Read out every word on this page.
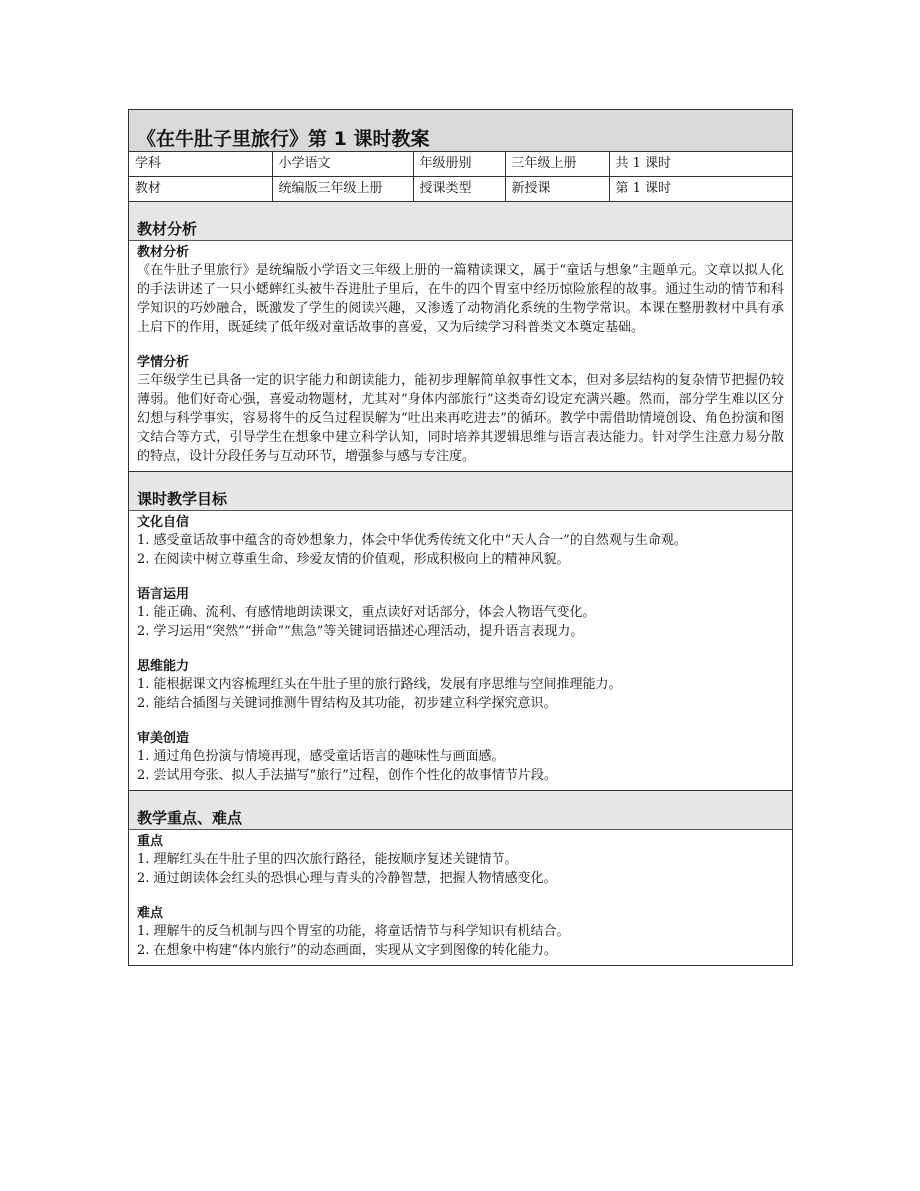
《在牛肚子里旅行》第 1 课时教案
学科	小学语文	年级册别	三年级上册	共 1 课时
教材	统编版三年级上册	授课类型	新授课	第 1 课时
教材分析
教材分析
《在牛肚子里旅行》是统编版小学语文三年级上册的一篇精读课文，属于“童话与想象”主题单元。文章以拟人化的手法讲述了一只小蟋蟀红头被牛吞进肚子里后，在牛的四个胃室中经历惊险旅程的故事。通过生动的情节和科学知识的巧妙融合，既激发了学生的阅读兴趣，又渗透了动物消化系统的生物学常识。本课在整册教材中具有承上启下的作用，既延续了低年级对童话故事的喜爱，又为后续学习科普类文本奠定基础。
学情分析
三年级学生已具备一定的识字能力和朗读能力，能初步理解简单叙事性文本，但对多层结构的复杂情节把握仍较薄弱。他们好奇心强，喜爱动物题材，尤其对“身体内部旅行”这类奇幻设定充满兴趣。然而，部分学生难以区分幻想与科学事实，容易将牛的反刍过程误解为“吐出来再吃进去”的循环。教学中需借助情境创设、角色扮演和图文结合等方式，引导学生在想象中建立科学认知，同时培养其逻辑思维与语言表达能力。针对学生注意力易分散的特点，设计分段任务与互动环节，增强参与感与专注度。
课时教学目标
文化自信
1. 感受童话故事中蕴含的奇妙想象力，体会中华优秀传统文化中“天人合一”的自然观与生命观。
2. 在阅读中树立尊重生命、珍爱友情的价值观，形成积极向上的精神风貌。
语言运用
1. 能正确、流利、有感情地朗读课文，重点读好对话部分，体会人物语气变化。
2. 学习运用“突然”“拼命”“焦急”等关键词语描述心理活动，提升语言表现力。
思维能力
1. 能根据课文内容梳理红头在牛肚子里的旅行路线，发展有序思维与空间推理能力。
2. 能结合插图与关键词推测牛胃结构及其功能，初步建立科学探究意识。
审美创造
1. 通过角色扮演与情境再现，感受童话语言的趣味性与画面感。
2. 尝试用夸张、拟人手法描写“旅行”过程，创作个性化的故事情节片段。
教学重点、难点
重点
1. 理解红头在牛肚子里的四次旅行路径，能按顺序复述关键情节。
2. 通过朗读体会红头的恐惧心理与青头的冷静智慧，把握人物情感变化。
难点
1. 理解牛的反刍机制与四个胃室的功能，将童话情节与科学知识有机结合。
2. 在想象中构建“体内旅行”的动态画面，实现从文字到图像的转化能力。
